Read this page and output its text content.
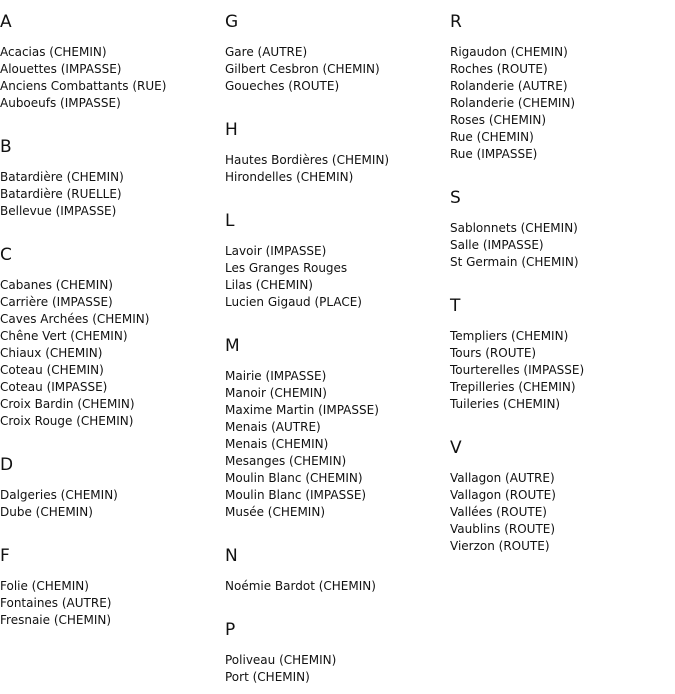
A
Acacias (CHEMIN)
Alouettes (IMPASSE)
Anciens Combattants (RUE)
Auboeufs (IMPASSE)
B
Batardière (CHEMIN)
Batardière (RUELLE)
Bellevue (IMPASSE)
C
Cabanes (CHEMIN)
Carrière (IMPASSE)
Caves Archées (CHEMIN)
Chêne Vert (CHEMIN)
Chiaux (CHEMIN)
Coteau (CHEMIN)
Coteau (IMPASSE)
Croix Bardin (CHEMIN)
Croix Rouge (CHEMIN)
D
Dalgeries (CHEMIN)
Dube (CHEMIN)
F
Folie (CHEMIN)
Fontaines (AUTRE)
Fresnaie (CHEMIN)
G
Gare (AUTRE)
Gilbert Cesbron (CHEMIN)
Goueches (ROUTE)
H
Hautes Bordières (CHEMIN)
Hirondelles (CHEMIN)
L
Lavoir (IMPASSE)
Les Granges Rouges
Lilas (CHEMIN)
Lucien Gigaud (PLACE)
M
Mairie (IMPASSE)
Manoir (CHEMIN)
Maxime Martin (IMPASSE)
Menais (AUTRE)
Menais (CHEMIN)
Mesanges (CHEMIN)
Moulin Blanc (CHEMIN)
Moulin Blanc (IMPASSE)
Musée (CHEMIN)
N
Noémie Bardot (CHEMIN)
P
Poliveau (CHEMIN)
Port (CHEMIN)
R
Rigaudon (CHEMIN)
Roches (ROUTE)
Rolanderie (AUTRE)
Rolanderie (CHEMIN)
Roses (CHEMIN)
Rue (CHEMIN)
Rue (IMPASSE)
S
Sablonnets (CHEMIN)
Salle (IMPASSE)
St Germain (CHEMIN)
T
Templiers (CHEMIN)
Tours (ROUTE)
Tourterelles (IMPASSE)
Trepilleries (CHEMIN)
Tuileries (CHEMIN)
V
Vallagon (AUTRE)
Vallagon (ROUTE)
Vallées (ROUTE)
Vaublins (ROUTE)
Vierzon (ROUTE)
